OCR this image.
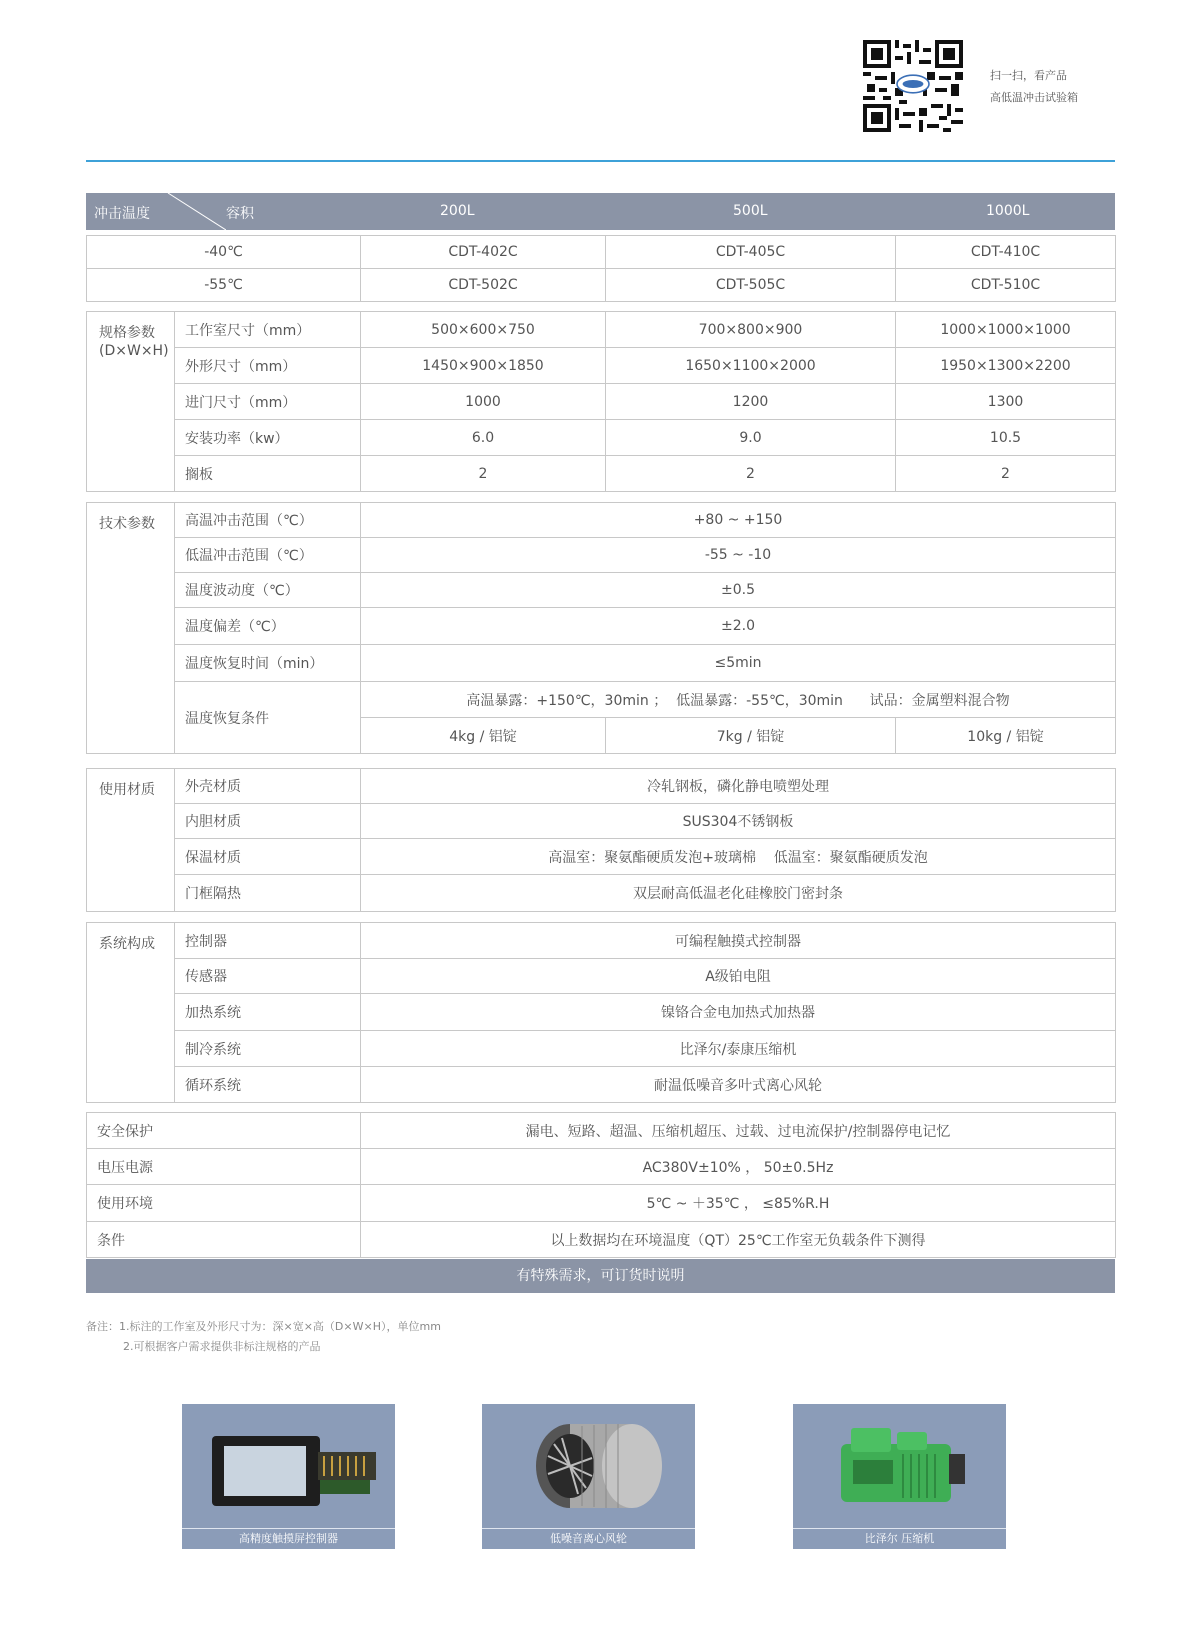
扫一扫，看产品
高低温冲击试验箱
冲击温度	容积	200L	500L	1000L
-40℃	CDT-402C	CDT-405C	CDT-410C
-55℃	CDT-502C	CDT-505C	CDT-510C
规格参数
(D×W×H)	工作室尺寸（mm）	500×600×750	700×800×900	1000×1000×1000
	外形尺寸（mm）	1450×900×1850	1650×1100×2000	1950×1300×2200
	进门尺寸（mm）	1000	1200	1300
	安装功率（kw）	6.0	9.0	10.5
	搁板	2	2	2
技术参数	高温冲击范围（℃）	+80 ~ +150		
	低温冲击范围（℃）	-55 ~ -10		
	温度波动度（℃）	±0.5		
	温度偏差（℃）	±2.0		
	温度恢复时间（min）	≤5min		
	温度恢复条件	高温暴露：+150℃，30min ；  低温暴露：-55℃，30min      试品：金属塑料混合物		
		4kg / 铝锭	7kg / 铝锭	10kg / 铝锭
使用材质	外壳材质	冷轧钢板，磷化静电喷塑处理
	内胆材质	SUS304不锈钢板
	保温材质	高温室：聚氨酯硬质发泡+玻璃棉    低温室：聚氨酯硬质发泡
	门框隔热	双层耐高低温老化硅橡胶门密封条
系统构成	控制器	可编程触摸式控制器
	传感器	A级铂电阻
	加热系统	镍铬合金电加热式加热器
	制冷系统	比泽尔/泰康压缩机
	循环系统	耐温低噪音多叶式离心风轮
安全保护	漏电、短路、超温、压缩机超压、过载、过电流保护/控制器停电记忆
电压电源	AC380V±10% ， 50±0.5Hz
使用环境	5℃ ~ ＋35℃ ， ≤85%R.H
条件	以上数据均在环境温度（QT）25℃工作室无负载条件下测得
有特殊需求，可订货时说明
备注：1.标注的工作室及外形尺寸为：深×宽×高（D×W×H），单位mm
2.可根据客户需求提供非标注规格的产品
高精度触摸屏控制器	低噪音离心风轮	比泽尔 压缩机
